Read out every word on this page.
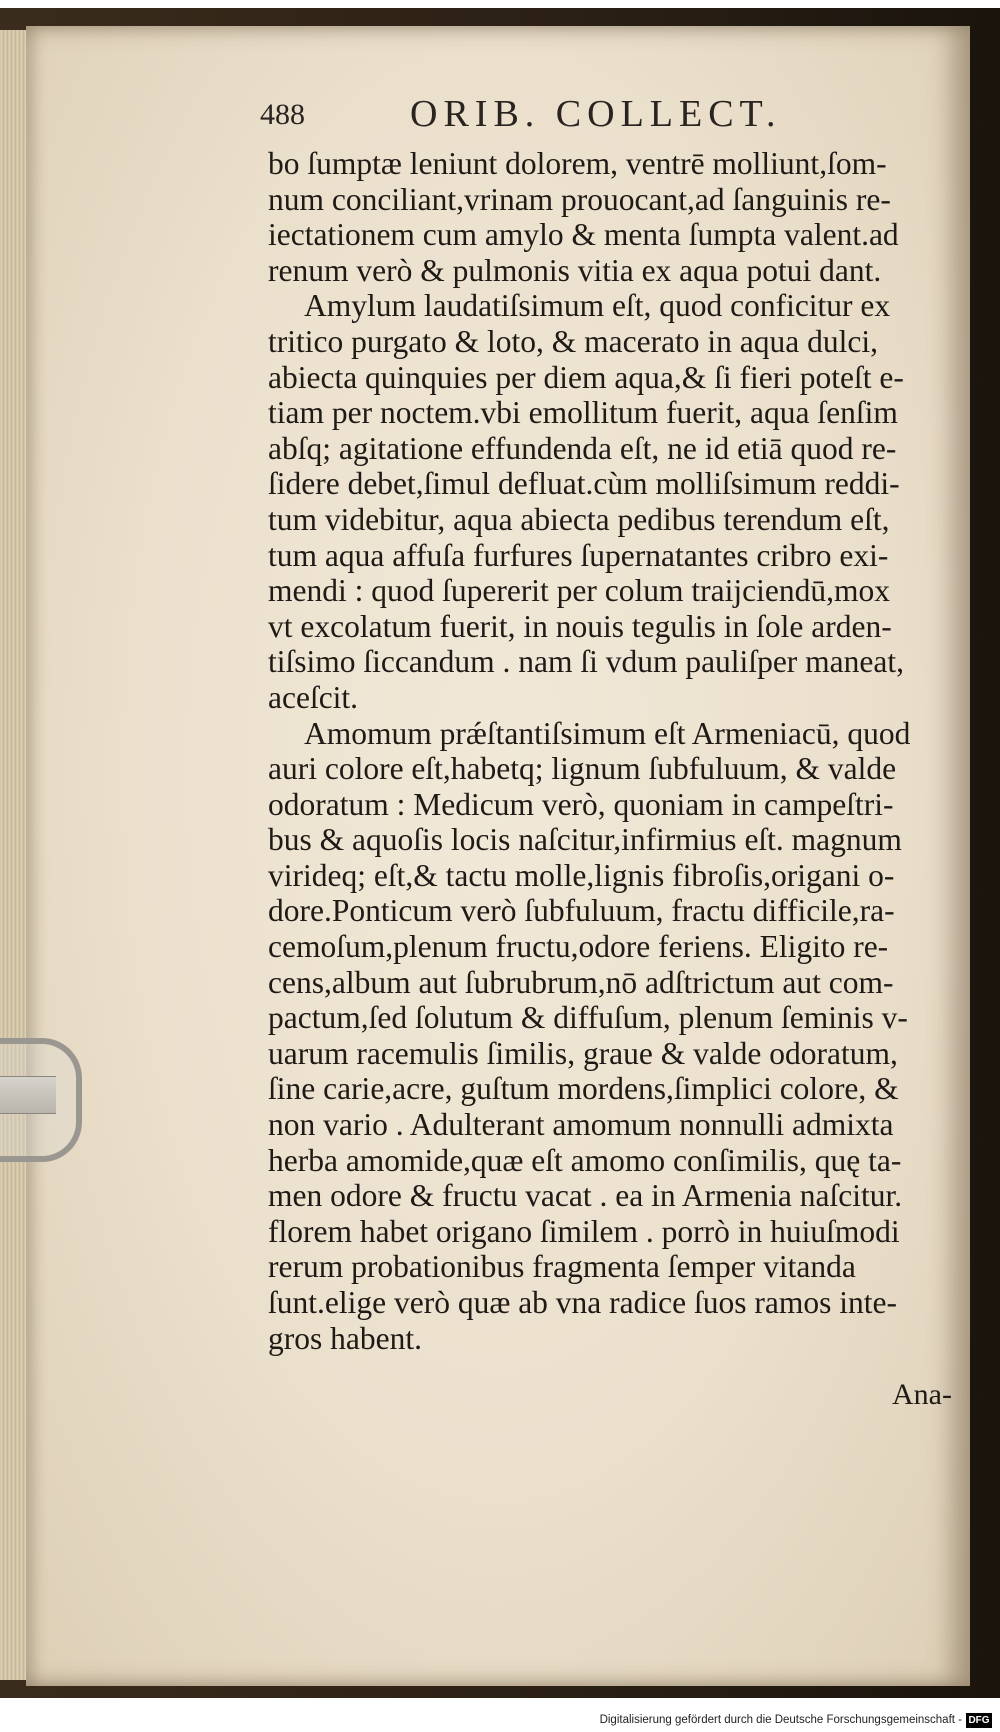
488	ORIB. COLLECT.
bo ſumptæ leniunt dolorem, ventrē molliunt,ſom-
num conciliant,vrinam prouocant,ad ſanguinis re-
iectationem cum amylo & menta ſumpta valent.ad
renum verò & pulmonis vitia ex aqua potui dant.
Amylum laudatiſsimum eſt, quod conficitur ex
tritico purgato & loto, & macerato in aqua dulci,
abiecta quinquies per diem aqua,& ſi fieri poteſt e-
tiam per noctem.vbi emollitum fuerit, aqua ſenſim
abſq; agitatione effundenda eſt, ne id etiā quod re-
ſidere debet,ſimul defluat.cùm molliſsimum reddi-
tum videbitur, aqua abiecta pedibus terendum eſt,
tum aqua affuſa furfures ſupernatantes cribro exi-
mendi : quod ſupererit per colum traijciendū,mox
vt excolatum fuerit, in nouis tegulis in ſole arden-
tiſsimo ſiccandum . nam ſi vdum pauliſper maneat,
aceſcit.
Amomum prǽſtantiſsimum eſt Armeniacū, quod
auri colore eſt,habetq; lignum ſubfuluum, & valde
odoratum : Medicum verò, quoniam in campeſtri-
bus & aquoſis locis naſcitur,infirmius eſt. magnum
virideq; eſt,& tactu molle,lignis fibroſis,origani o-
dore.Ponticum verò ſubfuluum, fractu difficile,ra-
cemoſum,plenum fructu,odore feriens. Eligito re-
cens,album aut ſubrubrum,nō adſtrictum aut com-
pactum,ſed ſolutum & diffuſum, plenum ſeminis v-
uarum racemulis ſimilis, graue & valde odoratum,
ſine carie,acre, guſtum mordens,ſimplici colore, &
non vario . Adulterant amomum nonnulli admixta
herba amomide,quæ eſt amomo conſimilis, quę ta-
men odore & fructu vacat . ea in Armenia naſcitur.
florem habet origano ſimilem . porrò in huiuſmodi
rerum probationibus fragmenta ſemper vitanda
ſunt.elige verò quæ ab vna radice ſuos ramos inte-
gros habent.
Ana-
Digitalisierung gefördert durch die Deutsche Forschungsgemeinschaft - DFG
